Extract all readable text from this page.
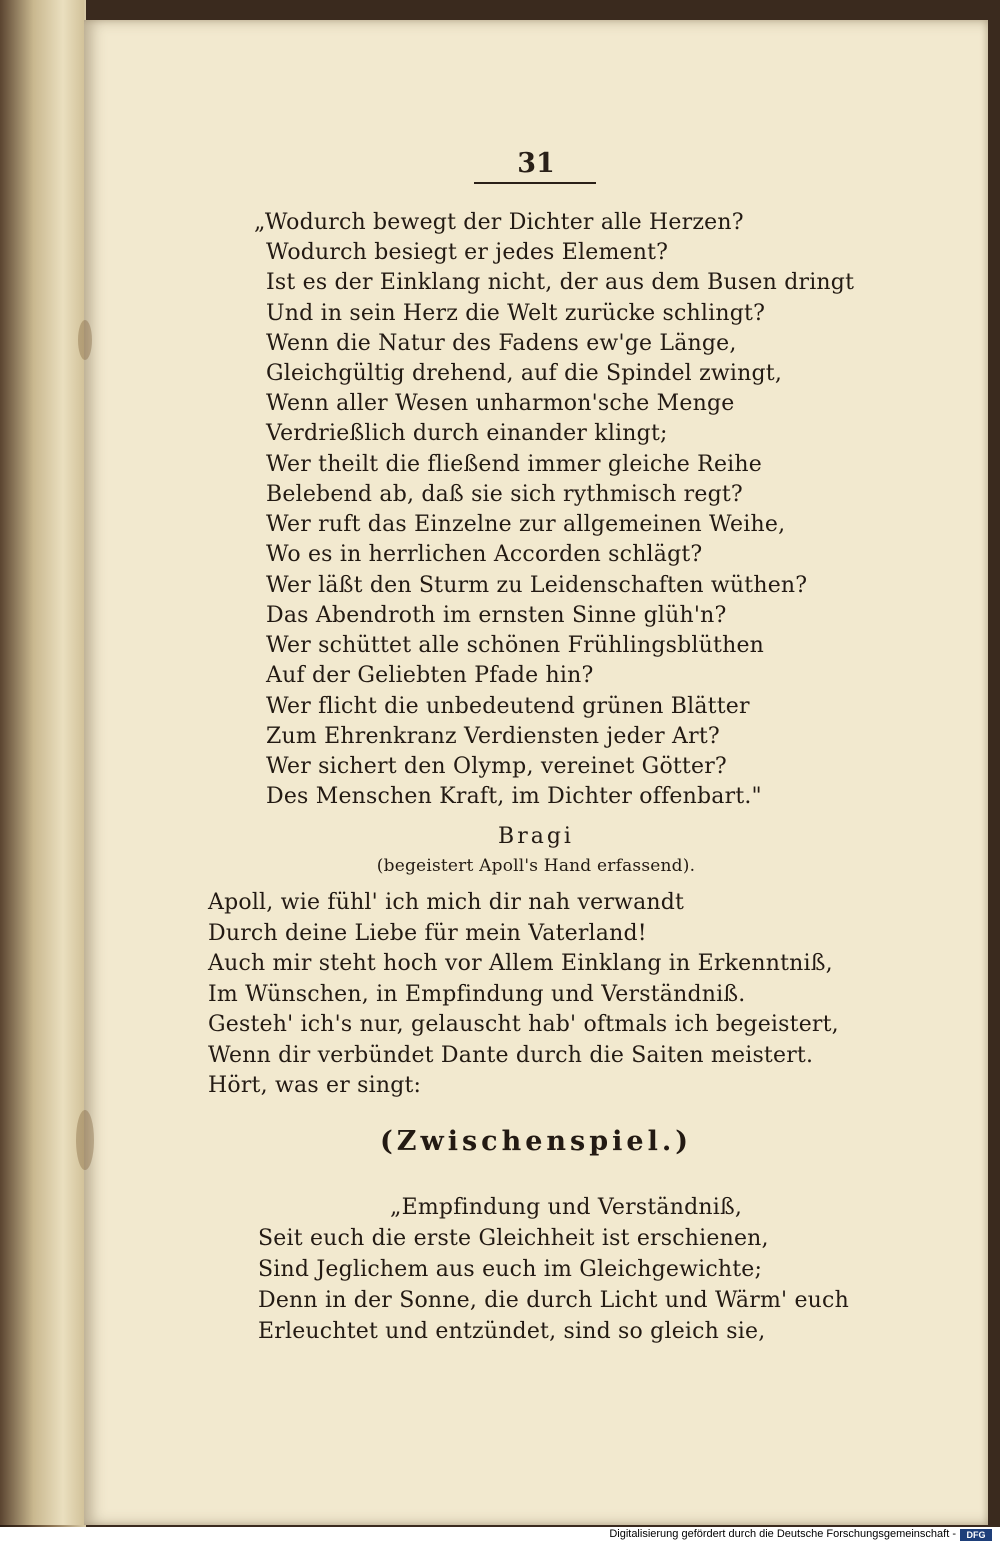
31
„Wodurch bewegt der Dichter alle Herzen?
Wodurch besiegt er jedes Element?
Ist es der Einklang nicht, der aus dem Busen dringt
Und in sein Herz die Welt zurücke schlingt?
Wenn die Natur des Fadens ew'ge Länge,
Gleichgültig drehend, auf die Spindel zwingt,
Wenn aller Wesen unharmon'sche Menge
Verdrießlich durch einander klingt;
Wer theilt die fließend immer gleiche Reihe
Belebend ab, daß sie sich rythmisch regt?
Wer ruft das Einzelne zur allgemeinen Weihe,
Wo es in herrlichen Accorden schlägt?
Wer läßt den Sturm zu Leidenschaften wüthen?
Das Abendroth im ernsten Sinne glüh'n?
Wer schüttet alle schönen Frühlingsblüthen
Auf der Geliebten Pfade hin?
Wer flicht die unbedeutend grünen Blätter
Zum Ehrenkranz Verdiensten jeder Art?
Wer sichert den Olymp, vereinet Götter?
Des Menschen Kraft, im Dichter offenbart."
Bragi
(begeistert Apoll's Hand erfassend).
Apoll, wie fühl' ich mich dir nah verwandt
Durch deine Liebe für mein Vaterland!
Auch mir steht hoch vor Allem Einklang in Erkenntniß,
Im Wünschen, in Empfindung und Verständniß.
Gesteh' ich's nur, gelauscht hab' oftmals ich begeistert,
Wenn dir verbündet Dante durch die Saiten meistert.
Hört, was er singt:
(Zwischenspiel.)
„Empfindung und Verständniß,
Seit euch die erste Gleichheit ist erschienen,
Sind Jeglichem aus euch im Gleichgewichte;
Denn in der Sonne, die durch Licht und Wärm' euch
Erleuchtet und entzündet, sind so gleich sie,
Digitalisierung gefördert durch die Deutsche Forschungsgemeinschaft -	DFG
